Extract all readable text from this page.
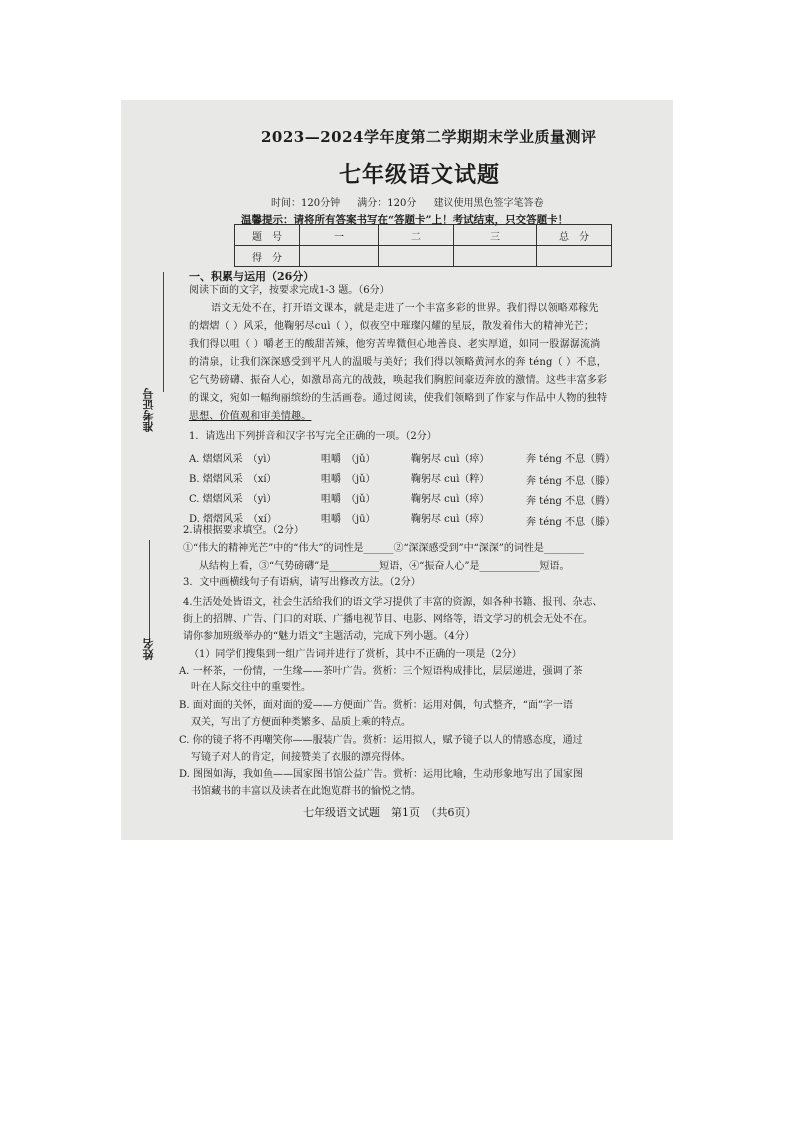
2023—2024学年度第二学期期末学业质量测评
七年级语文试题
时间：120分钟 满分：120分 建议使用黑色签字笔答卷
温馨提示：请将所有答案书写在“答题卡”上！考试结束，只交答题卡！
题　号	一	二	三	总　分
得　分				
准考证号
姓名
一、积累与运用（26分）
阅读下面的文字，按要求完成1-3 题。（6分）
语文无处不在，打开语文课本，就是走进了一个丰富多彩的世界。我们得以领略邓稼先
的熠熠（ ）风采，他鞠躬尽cuì（ ），似夜空中璀璨闪耀的星辰，散发着伟大的精神光芒；
我们得以咀（ ）嚼老王的酸甜苦辣，他穷苦卑微但心地善良、老实厚道，如同一股潺潺流淌
的清泉，让我们深深感受到平凡人的温暖与美好；我们得以领略黄河水的奔 téng（ ）不息，
它气势磅礴、振奋人心，如激昂高亢的战鼓，唤起我们胸腔间豪迈奔放的激情。这些丰富多彩
的课文，宛如一幅绚丽缤纷的生活画卷。通过阅读，使我们领略到了作家与作品中人物的独特
思想、价值观和审美情趣。
1．请选出下列拼音和汉字书写完全正确的一项。（2分）
A. 熠熠风采　（yì）	咀嚼　（jǔ）	鞠躬尽 cuì（瘁）	奔 téng 不息（腾）
B. 熠熠风采　（xí）	咀嚼　（jǔ）	鞠躬尽 cuì（粹）	奔 téng 不息（滕）
C. 熠熠风采　（yì）	咀嚼　（jǔ）	鞠躬尽 cuì（瘁）	奔 téng 不息（腾）
D. 熠熠风采　（xí）	咀嚼　（jū）	鞠躬尽 cuì（瘁）	奔 téng 不息（滕）
2.请根据要求填空。（2分）
①“伟大的精神光芒”中的“伟大”的词性是______②“深深感受到”中“深深”的词性是________
从结构上看，③“气势磅礴”是__________短语，④“振奋人心”是____________短语。
3．文中画横线句子有语病，请写出修改方法。（2分）
4.生活处处皆语文，社会生活给我们的语文学习提供了丰富的资源，如各种书籍、报刊、杂志、
街上的招牌、广告、门口的对联、广播电视节目、电影、网络等，语文学习的机会无处不在。
请你参加班级举办的“魅力语文”主题活动，完成下列小题。（4分）
（1）同学们搜集到一组广告词并进行了赏析，其中不正确的一项是（2分）
A. 一杯茶，一份情，一生缘——茶叶广告。赏析：三个短语构成排比，层层递进，强调了茶
叶在人际交往中的重要性。
B. 面对面的关怀，面对面的爱——方便面广告。赏析：运用对偶，句式整齐，“面”字一语
双关，写出了方便面种类繁多、品质上乘的特点。
C. 你的镜子将不再嘲笑你——服装广告。赏析：运用拟人，赋予镜子以人的情感态度，通过
写镜子对人的肯定，间接赞美了衣服的漂亮得体。
D. 图图如海，我如鱼——国家图书馆公益广告。赏析：运用比喻，生动形象地写出了国家图
书馆藏书的丰富以及读者在此饱览群书的愉悦之情。
七年级语文试题　第1页　（共6页）
